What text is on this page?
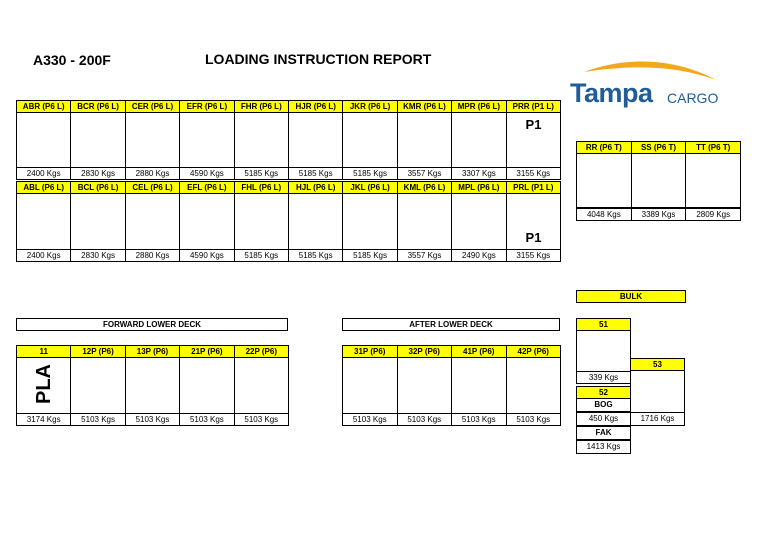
A330 - 200F	LOADING INSTRUCTION REPORT
Tampa CARGO
ABR (P6 L)
2400 Kgs
BCR (P6 L)
2830 Kgs
CER (P6 L)
2880 Kgs
EFR (P6 L)
4590 Kgs
FHR (P6 L)
5185 Kgs
HJR (P6 L)
5185 Kgs
JKR (P6 L)
5185 Kgs
KMR (P6 L)
3557 Kgs
MPR (P6 L)
3307 Kgs
PRR (P1 L)
3155 Kgs
P1
ABL (P6 L)
2400 Kgs
BCL (P6 L)
2830 Kgs
CEL (P6 L)
2880 Kgs
EFL (P6 L)
4590 Kgs
FHL (P6 L)
5185 Kgs
HJL (P6 L)
5185 Kgs
JKL (P6 L)
5185 Kgs
KML (P6 L)
3557 Kgs
MPL (P6 L)
2490 Kgs
PRL (P1 L)
3155 Kgs
P1
RR (P6 T)
4048 Kgs
SS (P6 T)
3389 Kgs
TT (P6 T)
2809 Kgs
FORWARD LOWER DECK
11
3174 Kgs
12P (P6)
5103 Kgs
13P (P6)
5103 Kgs
21P (P6)
5103 Kgs
22P (P6)
5103 Kgs
PLA
AFTER LOWER DECK
31P (P6)
5103 Kgs
32P (P6)
5103 Kgs
41P (P6)
5103 Kgs
42P (P6)
5103 Kgs
BULK
51
339 Kgs
52
BOG
450 Kgs
FAK
1413 Kgs
53
1716 Kgs
